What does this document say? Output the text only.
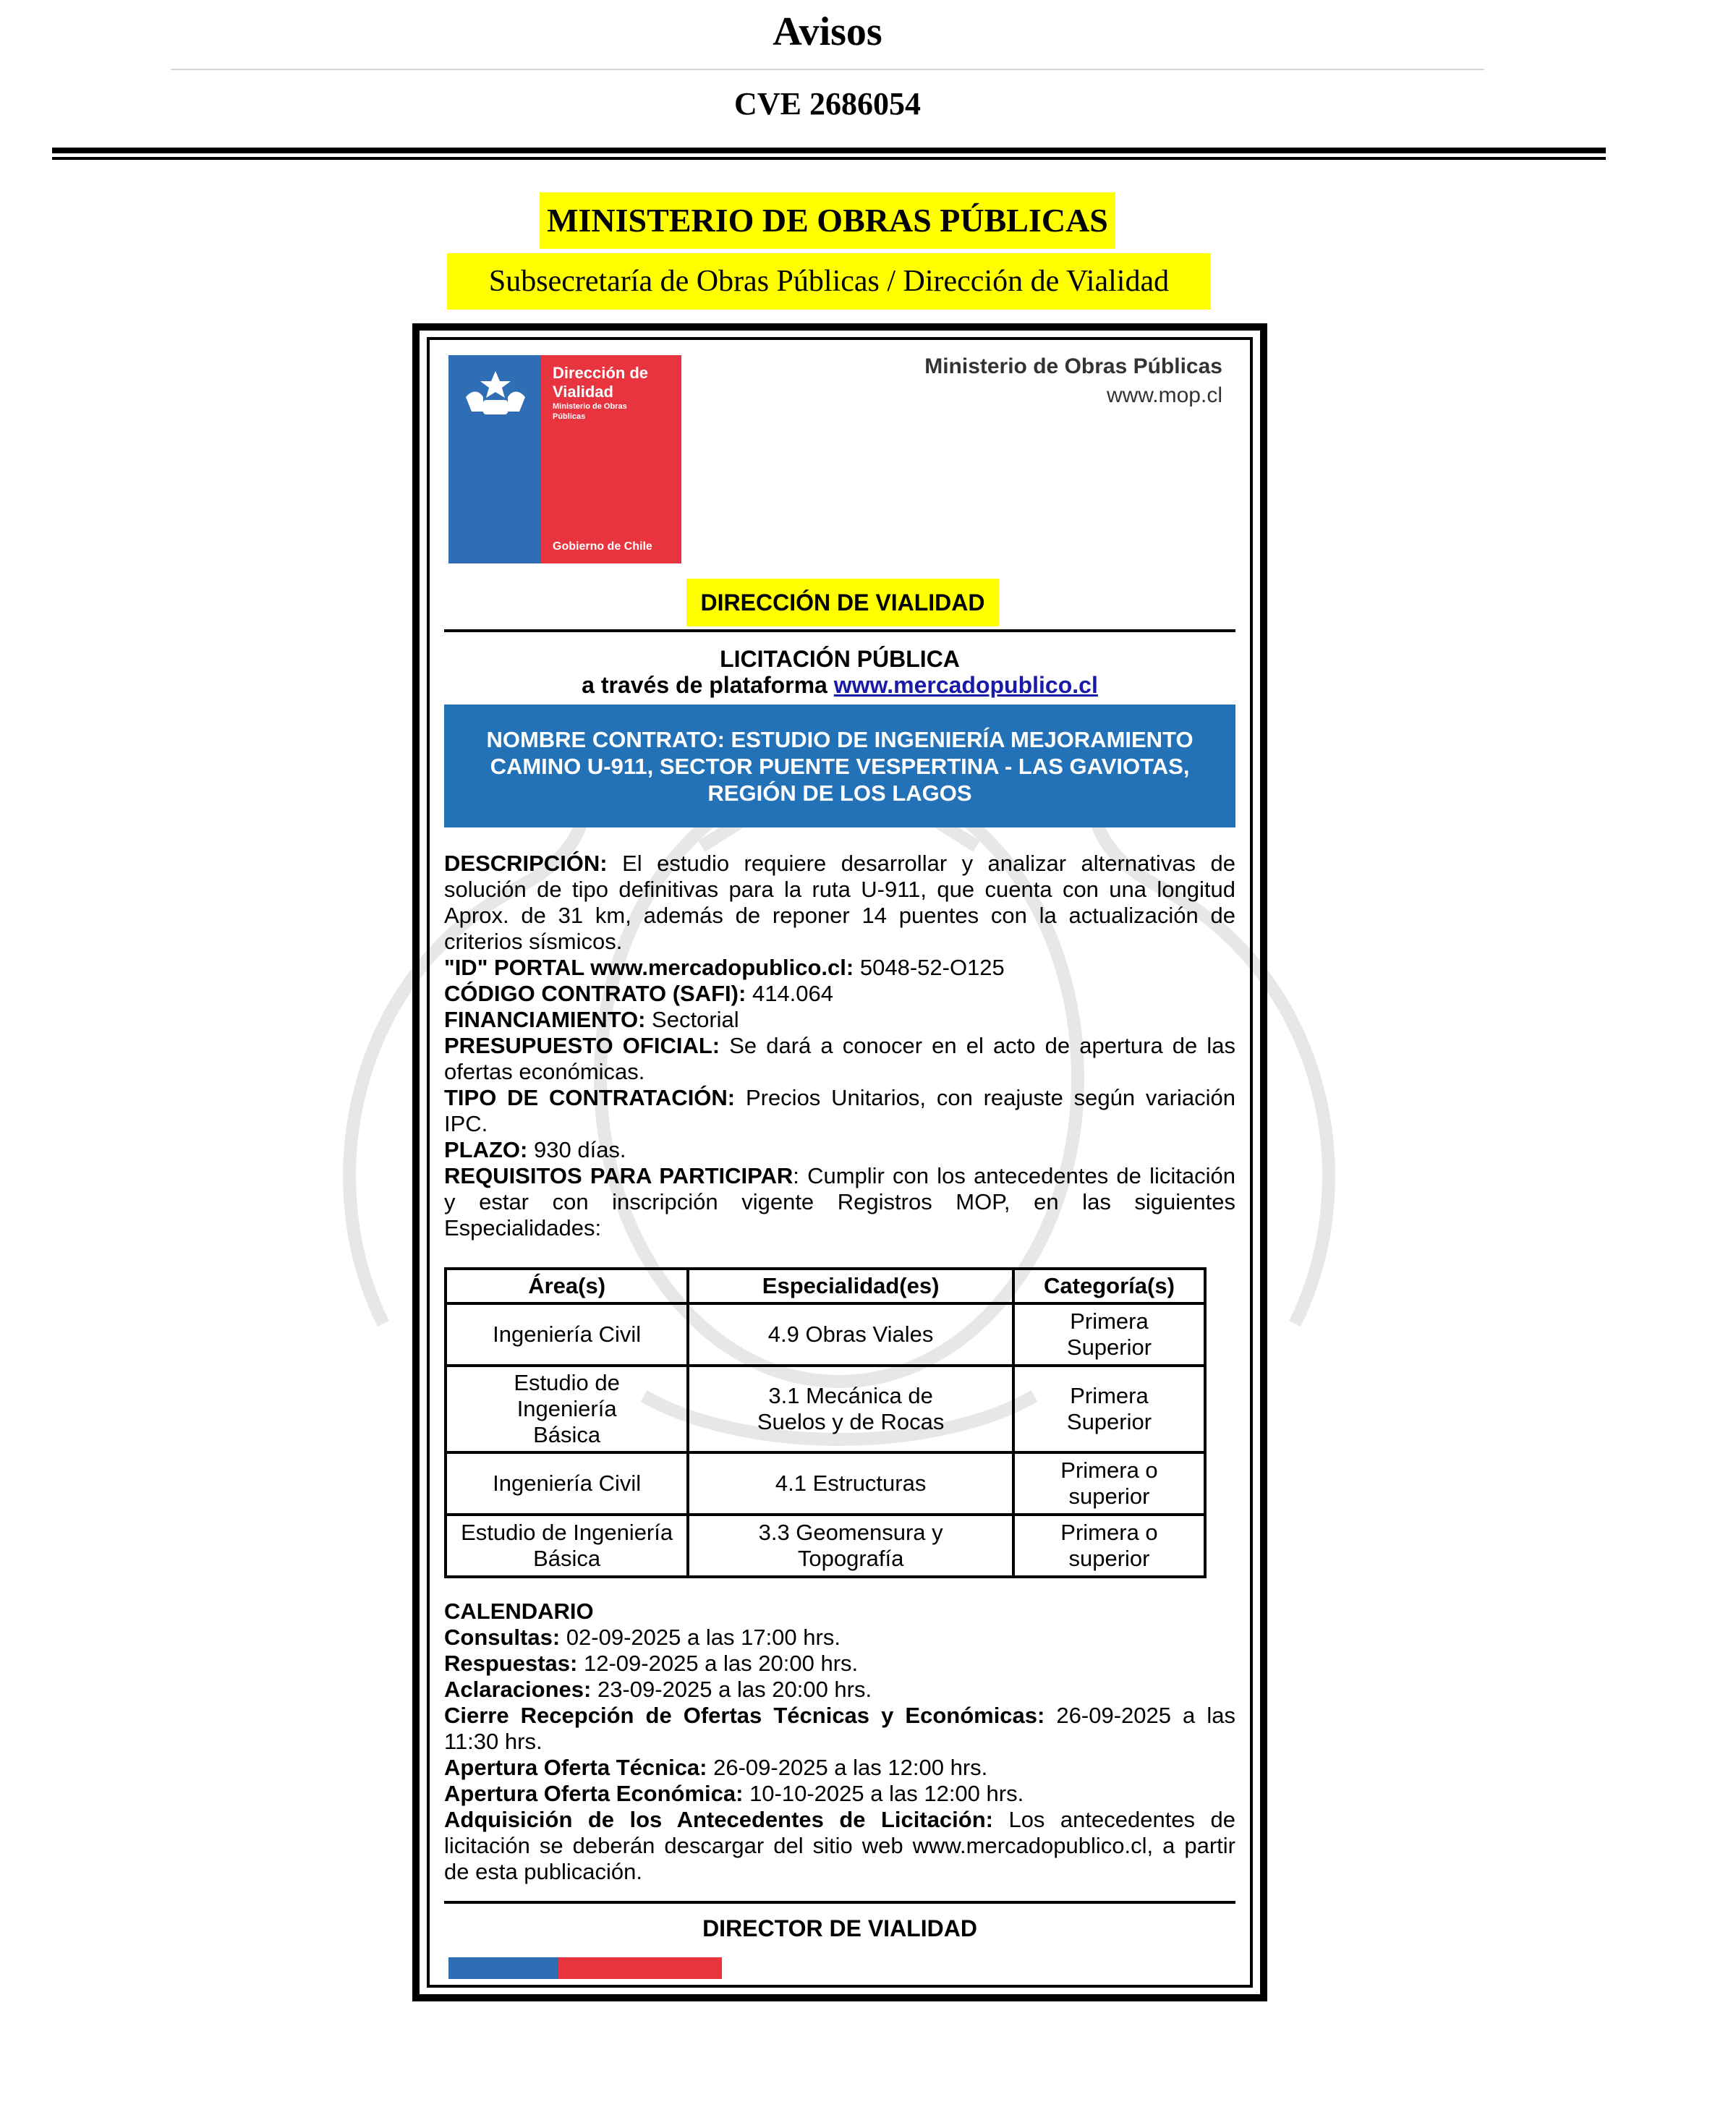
Avisos
CVE 2686054
MINISTERIO DE OBRAS PÚBLICAS
Subsecretaría de Obras Públicas / Dirección de Vialidad
Dirección de
Vialidad
Ministerio de Obras
Públicas
Gobierno de Chile
Ministerio de Obras Públicas
www.mop.cl
DIRECCIÓN DE VIALIDAD
LICITACIÓN PÚBLICA
a través de plataforma www.mercadopublico.cl
NOMBRE CONTRATO: ESTUDIO DE INGENIERÍA MEJORAMIENTO CAMINO U-911, SECTOR PUENTE VESPERTINA - LAS GAVIOTAS, REGIÓN DE LOS LAGOS

DESCRIPCIÓN: El estudio requiere desarrollar y analizar alternativas de solución de tipo definitivas para la ruta U-911, que cuenta con una longitud Aprox. de 31 km, además de reponer 14 puentes con la actualización de criterios sísmicos.

"ID" PORTAL www.mercadopublico.cl: 5048-52-O125

CÓDIGO CONTRATO (SAFI): 414.064

FINANCIAMIENTO: Sectorial

PRESUPUESTO OFICIAL: Se dará a conocer en el acto de apertura de las ofertas económicas.

TIPO DE CONTRATACIÓN: Precios Unitarios, con reajuste según variación IPC.

PLAZO: 930 días.

REQUISITOS PARA PARTICIPAR: Cumplir con los antecedentes de licitación y estar con inscripción vigente Registros MOP, en las siguientes Especialidades:

Área(s)	Especialidad(es)	Categoría(s)
Ingeniería Civil	4.9 Obras Viales	Primera Superior
Estudio de Ingeniería Básica	3.1 Mecánica de Suelos y de Rocas	Primera Superior
Ingeniería Civil	4.1 Estructuras	Primera o superior
Estudio de Ingeniería Básica	3.3 Geomensura y Topografía	Primera o superior

CALENDARIO

Consultas: 02-09-2025 a las 17:00 hrs.

Respuestas: 12-09-2025 a las 20:00 hrs.

Aclaraciones: 23-09-2025 a las 20:00 hrs.

Cierre Recepción de Ofertas Técnicas y Económicas: 26-09-2025 a las 11:30 hrs.

Apertura Oferta Técnica: 26-09-2025 a las 12:00 hrs.

Apertura Oferta Económica: 10-10-2025 a las 12:00 hrs.

Adquisición de los Antecedentes de Licitación: Los antecedentes de licitación se deberán descargar del sitio web www.mercadopublico.cl, a partir de esta publicación.

DIRECTOR DE VIALIDAD
